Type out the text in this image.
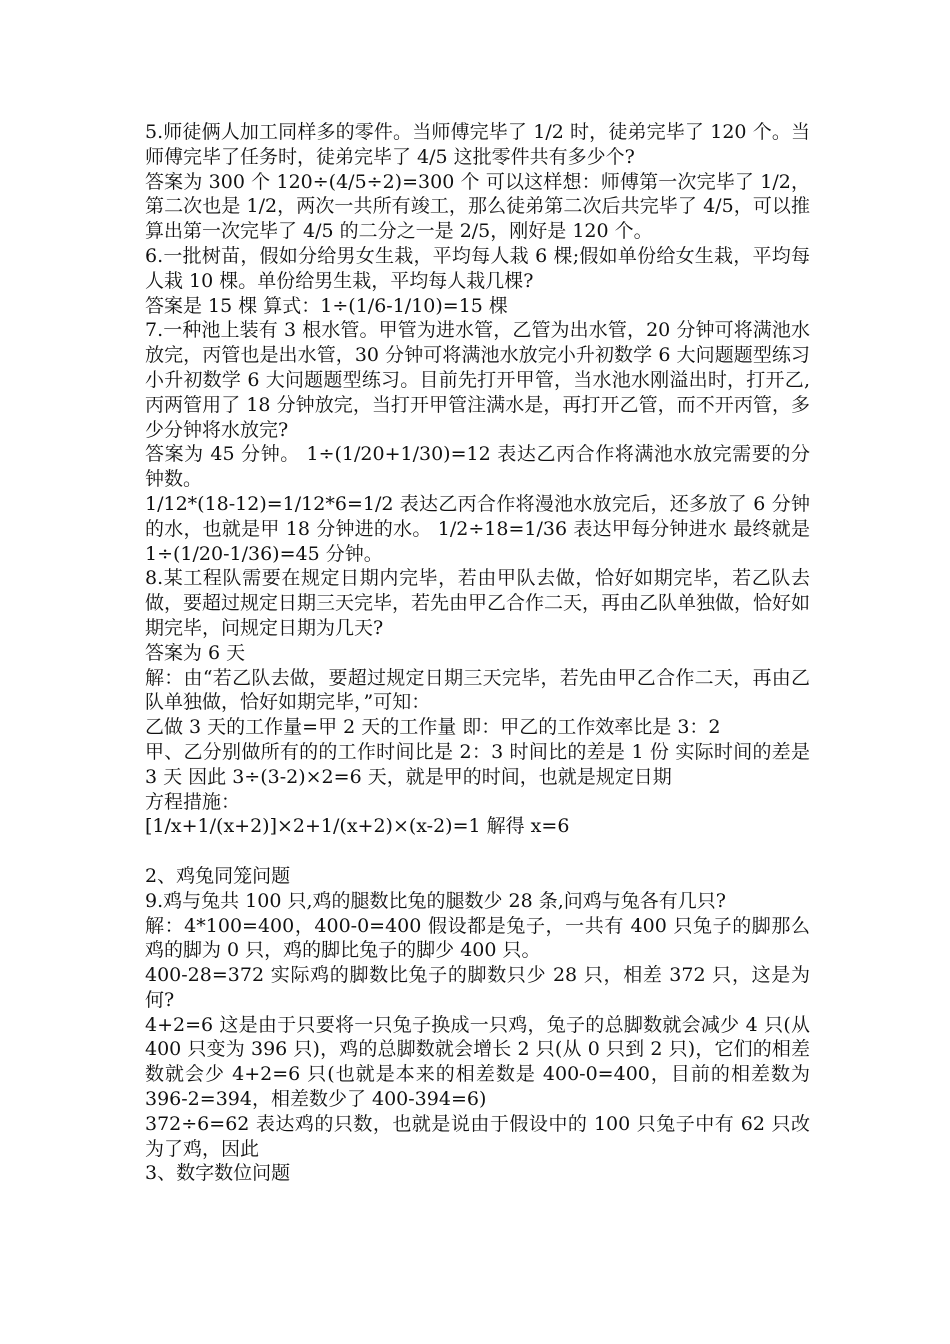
5.师徒俩人加工同样多的零件。当师傅完毕了 1/2 时，徒弟完毕了 120 个。当师傅完毕了任务时，徒弟完毕了 4/5 这批零件共有多少个?

答案为 300 个 120÷(4/5÷2)=300 个 可以这样想：师傅第一次完毕了 1/2，第二次也是 1/2，两次一共所有竣工，那么徒弟第二次后共完毕了 4/5，可以推算出第一次完毕了 4/5 的二分之一是 2/5，刚好是 120 个。

6.一批树苗，假如分给男女生栽，平均每人栽 6 棵;假如单份给女生栽，平均每人栽 10 棵。单份给男生栽，平均每人栽几棵?

答案是 15 棵 算式：1÷(1/6-1/10)=15 棵

7.一种池上装有 3 根水管。甲管为进水管，乙管为出水管，20 分钟可将满池水放完，丙管也是出水管，30 分钟可将满池水放完小升初数学 6 大问题题型练习小升初数学 6 大问题题型练习。目前先打开甲管，当水池水刚溢出时，打开乙,丙两管用了 18 分钟放完，当打开甲管注满水是，再打开乙管，而不开丙管，多少分钟将水放完?

答案为 45 分钟。 1÷(1/20+1/30)=12 表达乙丙合作将满池水放完需要的分钟数。

1/12*(18-12)=1/12*6=1/2 表达乙丙合作将漫池水放完后，还多放了 6 分钟的水，也就是甲 18 分钟进的水。 1/2÷18=1/36 表达甲每分钟进水 最终就是 1÷(1/20-1/36)=45 分钟。

8.某工程队需要在规定日期内完毕，若由甲队去做，恰好如期完毕，若乙队去做，要超过规定日期三天完毕，若先由甲乙合作二天，再由乙队单独做，恰好如期完毕，问规定日期为几天?

答案为 6 天

解：由“若乙队去做，要超过规定日期三天完毕，若先由甲乙合作二天，再由乙队单独做，恰好如期完毕，”可知：

乙做 3 天的工作量=甲 2 天的工作量 即：甲乙的工作效率比是 3：2

甲、乙分别做所有的的工作时间比是 2：3 时间比的差是 1 份 实际时间的差是 3 天 因此 3÷(3-2)×2=6 天，就是甲的时间，也就是规定日期

方程措施：

[1/x+1/(x+2)]×2+1/(x+2)×(x-2)=1 解得 x=6

2、鸡兔同笼问题

9.鸡与兔共 100 只,鸡的腿数比兔的腿数少 28 条,问鸡与兔各有几只?

解：4*100=400，400-0=400 假设都是兔子，一共有 400 只兔子的脚那么鸡的脚为 0 只，鸡的脚比兔子的脚少 400 只。

400-28=372 实际鸡的脚数比兔子的脚数只少 28 只，相差 372 只，这是为何?

4+2=6 这是由于只要将一只兔子换成一只鸡，兔子的总脚数就会减少 4 只(从 400 只变为 396 只)，鸡的总脚数就会增长 2 只(从 0 只到 2 只)，它们的相差数就会少 4+2=6 只(也就是本来的相差数是 400-0=400，目前的相差数为 396-2=394，相差数少了 400-394=6)

372÷6=62 表达鸡的只数，也就是说由于假设中的 100 只兔子中有 62 只改为了鸡，因此

3、数字数位问题
